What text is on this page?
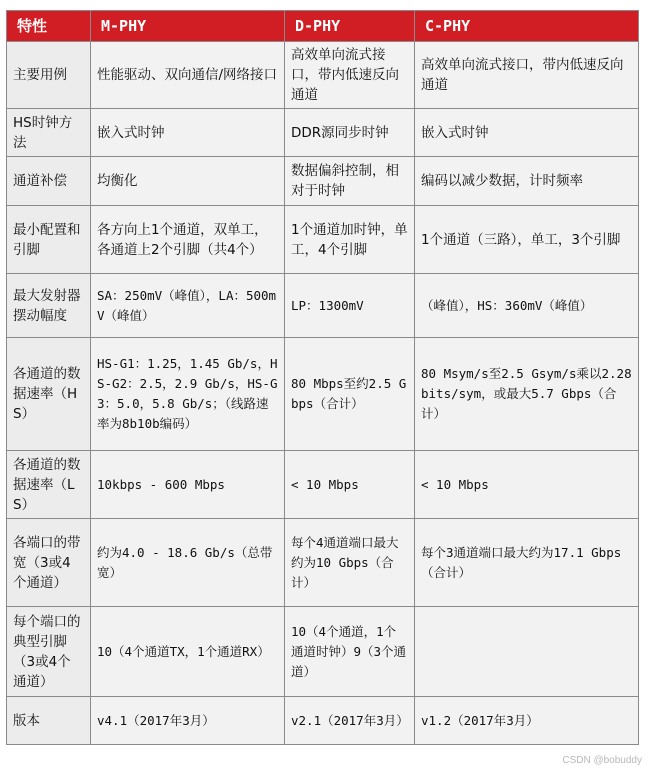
特性	M-PHY	D-PHY	C-PHY
主要用例	性能驱动、双向通信/网络接口	高效单向流式接口，带内低速反向通道	高效单向流式接口，带内低速反向通道
HS时钟方法	嵌入式时钟	DDR源同步时钟	嵌入式时钟
通道补偿	均衡化	数据偏斜控制，相对于时钟	编码以减少数据，计时频率
最小配置和引脚	各方向上1个通道，双单工，各通道上2个引脚（共4个）	1个通道加时钟，单工，4个引脚	1个通道（三路），单工，3个引脚
最大发射器摆动幅度	SA：250mV（峰值），LA：500mV（峰值）	LP：1300mV	（峰值），HS：360mV（峰值）
各通道的数据速率（HS）	HS-G1：1.25，1.45 Gb/s，HS-G2：2.5，2.9 Gb/s，HS-G3：5.0，5.8 Gb/s；（线路速率为8b10b编码）	80 Mbps至约2.5 Gbps（合计）	80 Msym/s至2.5 Gsym/s乘以2.28 bits/sym，或最大5.7 Gbps（合计）
各通道的数据速率（LS）	10kbps - 600 Mbps	< 10 Mbps	< 10 Mbps
各端口的带宽（3或4个通道）	约为4.0 - 18.6 Gb/s（总带宽）	每个4通道端口最大约为10 Gbps（合计）	每个3通道端口最大约为17.1 Gbps（合计）
每个端口的典型引脚（3或4个通道）	10（4个通道TX，1个通道RX）	10（4个通道，1个通道时钟）9（3个通道）	
版本	v4.1（2017年3月）	v2.1（2017年3月）	v1.2（2017年3月）
CSDN @bobuddy
